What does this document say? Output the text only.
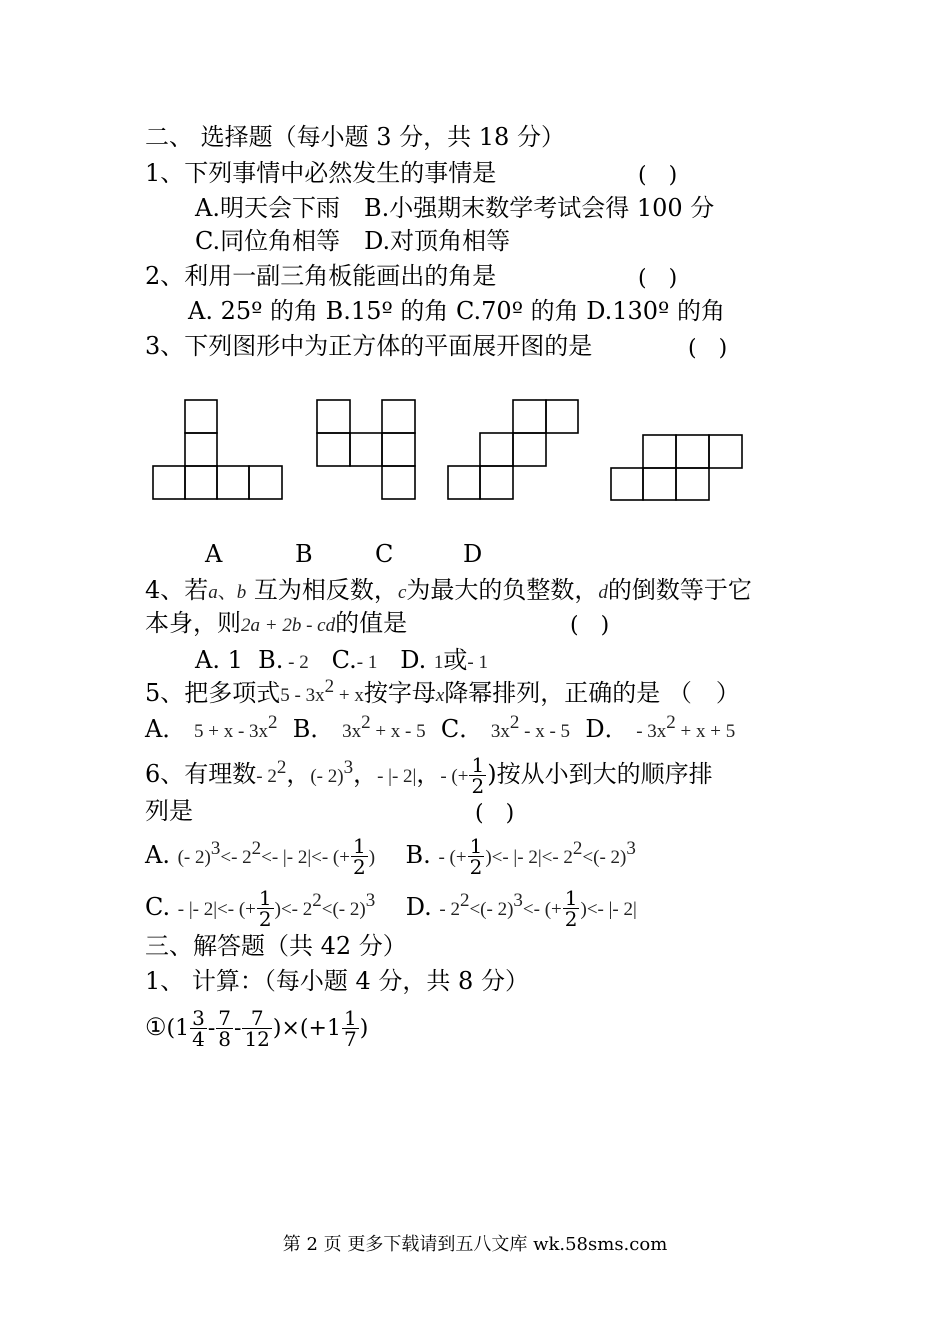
二、 选择题（每小题 3 分，共 18 分）
1、下列事情中必然发生的事情是	(　)
A.明天会下雨　B.小强期末数学考试会得 100 分
C.同位角相等　D.对顶角相等
2、利用一副三角板能画出的角是	(　)
A. 25º 的角 B.15º 的角 C.70º 的角 D.130º 的角
3、下列图形中为正方体的平面展开图的是	(　)
A	B	C	D
4、若a、b 互为相反数，c为最大的负整数，d的倒数等于它
本身，则2a + 2b - cd的值是	(　)
A. 1 B. - 2 C.- 1 D. 1或- 1
5、把多项式$5 - 3x^2 + x$按字母x降幂排列，正确的是 （　）
A． $5 + x - 3x^2$ B． $3x^2 + x - 5$ C． $3x^2$ - x - 5 D． - $3x^2 + x + 5$
6、有理数- $2^2$，(- 2)$^3$，- |- 2|，- (+ $\frac{1}{2}$ )按从小到大的顺序排
列是	(　)
A. (- 2)$^3$<- $2^2<-$ |- 2|<- (+ $\frac{1}{2}$ ) B. - (+ $\frac{1}{2}$ )<- |- 2|<- $2^2<(-$ 2)$^3$
C. - |- 2|<- (+ $\frac{1}{2}$ )<- $2^2<(-$ 2)$^3$ D. - $2^2<(-$ 2)$^3$<- (+ $\frac{1}{2}$ )<- |- 2|
三、解答题（共 42 分）
1、 计算：（每小题 4 分，共 8 分）
①(1 $\frac{3}{4} - \frac{7}{8} - \frac{7}{12} )\times(+1 \frac{1}{7}$ )
第 2 页 更多下载请到五八文库 wk.58sms.com
